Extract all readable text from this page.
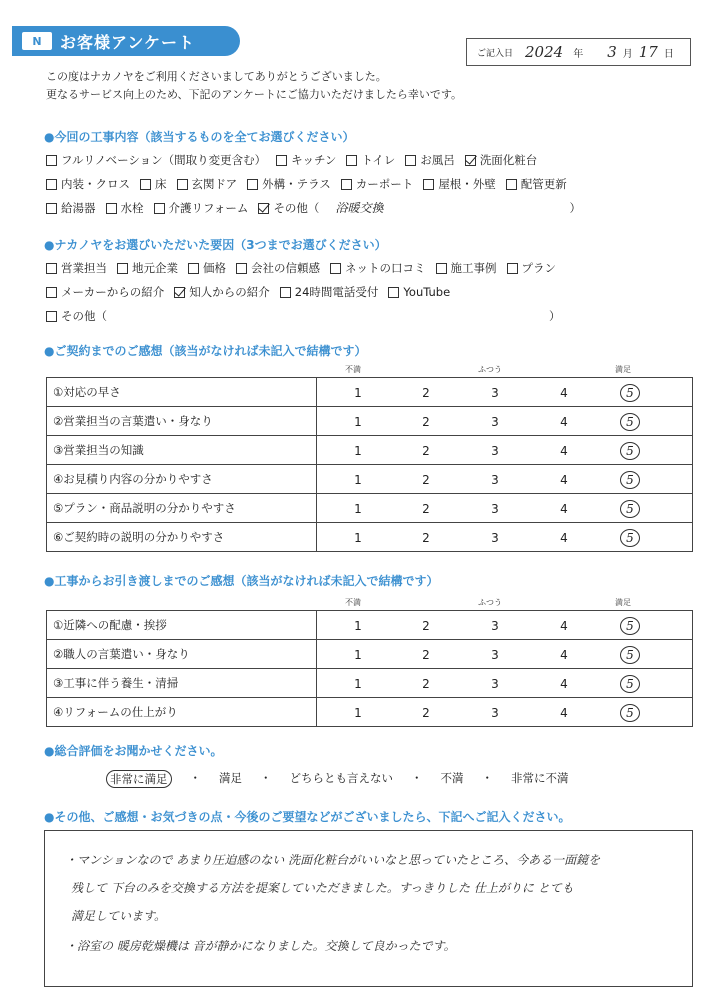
N	お客様アンケート
ご記入日 2024 年 3 月 17 日
この度はナカノヤをご利用くださいましてありがとうございました。
更なるサービス向上のため、下記のアンケートにご協力いただけましたら幸いです。
●今回の工事内容（該当するものを全てお選びください）
フルリノベーション（間取り変更含む） キッチン トイレ お風呂 洗面化粧台
内装・クロス 床 玄関ドア 外構・テラス カーポート 屋根・外壁 配管更新
給湯器 水栓 介護リフォーム その他（ 浴暖交換	）
●ナカノヤをお選びいただいた要因（3つまでお選びください）
営業担当 地元企業 価格 会社の信頼感 ネットの口コミ 施工事例 プラン
メーカーからの紹介 知人からの紹介 24時間電話受付 YouTube
その他（	）
●ご契約までのご感想（該当がなければ未記入で結構です）
不満	ふつう	満足
①対応の早さ	1 2 3 4 5

②営業担当の言葉遣い・身なり	1 2 3 4 5

③営業担当の知識	1 2 3 4 5

④お見積り内容の分かりやすさ	1 2 3 4 5

⑤プラン・商品説明の分かりやすさ	1 2 3 4 5

⑥ご契約時の説明の分かりやすさ	1 2 3 4 5
●工事からお引き渡しまでのご感想（該当がなければ未記入で結構です）
不満	ふつう	満足
①近隣への配慮・挨拶	1 2 3 4 5

②職人の言葉遣い・身なり	1 2 3 4 5

③工事に伴う養生・清掃	1 2 3 4 5

④リフォームの仕上がり	1 2 3 4 5
●総合評価をお聞かせください。
非常に満足	・ 満足 ・ どちらとも言えない ・ 不満 ・ 非常に不満
●その他、ご感想・お気づきの点・今後のご要望などがございましたら、下記へご記入ください。
・マンションなので あまり圧迫感のない 洗面化粧台がいいなと思っていたところ、今ある一面鏡を
残して 下台のみを交換する方法を提案していただきました。すっきりした 仕上がりに とても
満足しています。
・浴室の 暖房乾燥機は 音が静かになりました。交換して良かったです。
